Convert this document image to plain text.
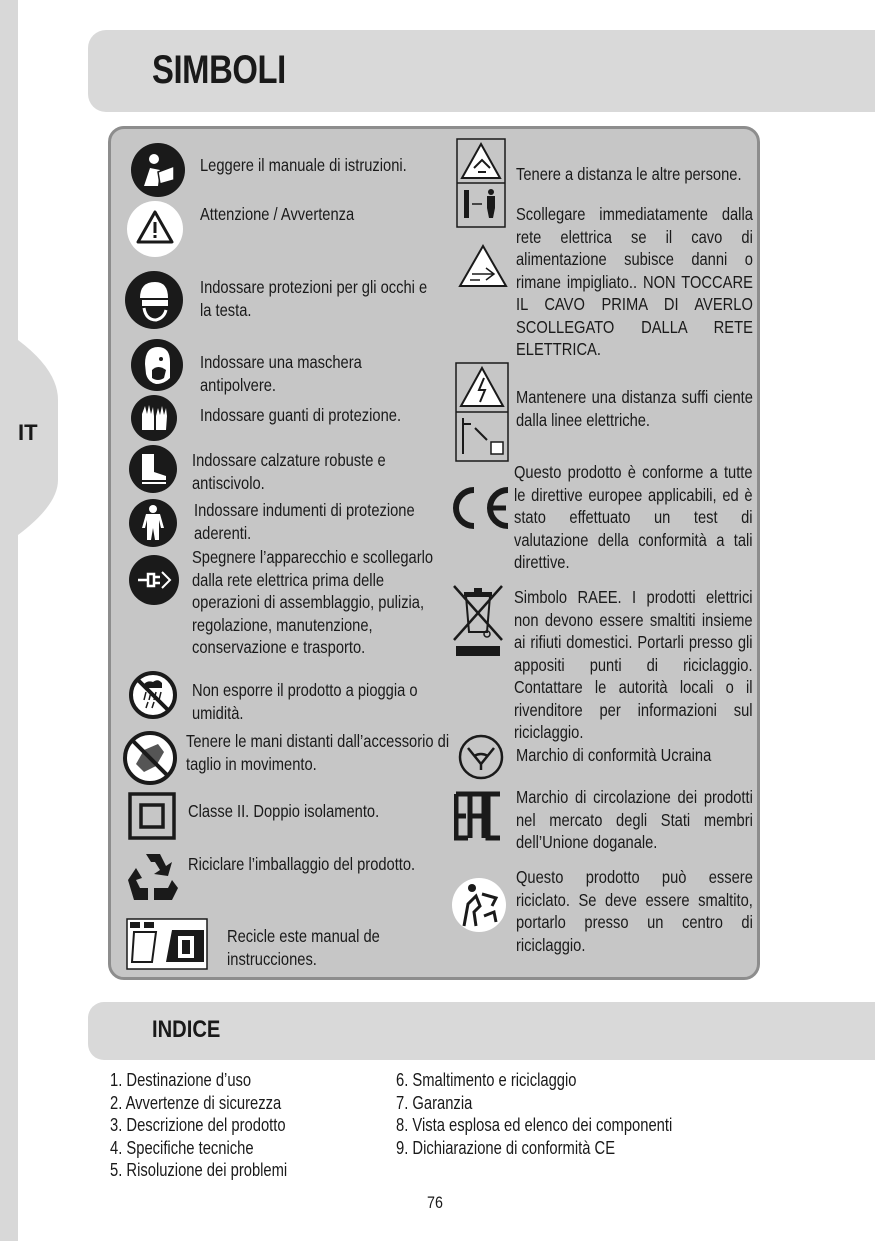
IT
SIMBOLI
Leggere il manuale di istruzioni.
Attenzione / Avvertenza
Indossare protezioni per gli occhi e la testa.
Indossare una maschera antipolvere.
Indossare guanti di protezione.
Indossare calzature robuste e antiscivolo.
Indossare indumenti di protezione aderenti.
Spegnere l’apparecchio e scollegarlo dalla rete elettrica prima delle operazioni di assemblaggio, pulizia, regolazione, manutenzione, conservazione e trasporto.
Non esporre il prodotto a pioggia o umidità.
Tenere le mani distanti dall’accessorio di taglio in movimento.
Classe II. Doppio isolamento.
Riciclare l’imballaggio del prodotto.
Recicle este manual de instrucciones.
Tenere a distanza le altre persone.
Scollegare immediatamente dalla rete elettrica se il cavo di alimentazione subisce danni o rimane impigliato.. NON TOCCARE IL CAVO PRIMA DI AVERLO SCOLLEGATO DALLA RETE ELETTRICA.
Mantenere una distanza suffi ciente dalla linee elettriche.
Questo prodotto è conforme a tutte le direttive europee applicabili, ed è stato effettuato un test di valutazione della conformità a tali direttive.
Simbolo RAEE. I prodotti elettrici non devono essere smaltiti insieme ai rifiuti domestici. Portarli presso gli appositi punti di riciclaggio. Contattare le autorità locali o il rivenditore per informazioni sul riciclaggio.
Marchio di conformità Ucraina
Marchio di circolazione dei prodotti nel mercato degli Stati membri dell’Unione doganale.
Questo prodotto può essere riciclato. Se deve essere smaltito, portarlo presso un centro di riciclaggio.
INDICE
1. Destinazione d’uso
2. Avvertenze di sicurezza
3. Descrizione del prodotto
4. Specifiche tecniche
5. Risoluzione dei problemi
6. Smaltimento e riciclaggio
7. Garanzia
8. Vista esplosa ed elenco dei componenti
9. Dichiarazione di conformità CE
76
